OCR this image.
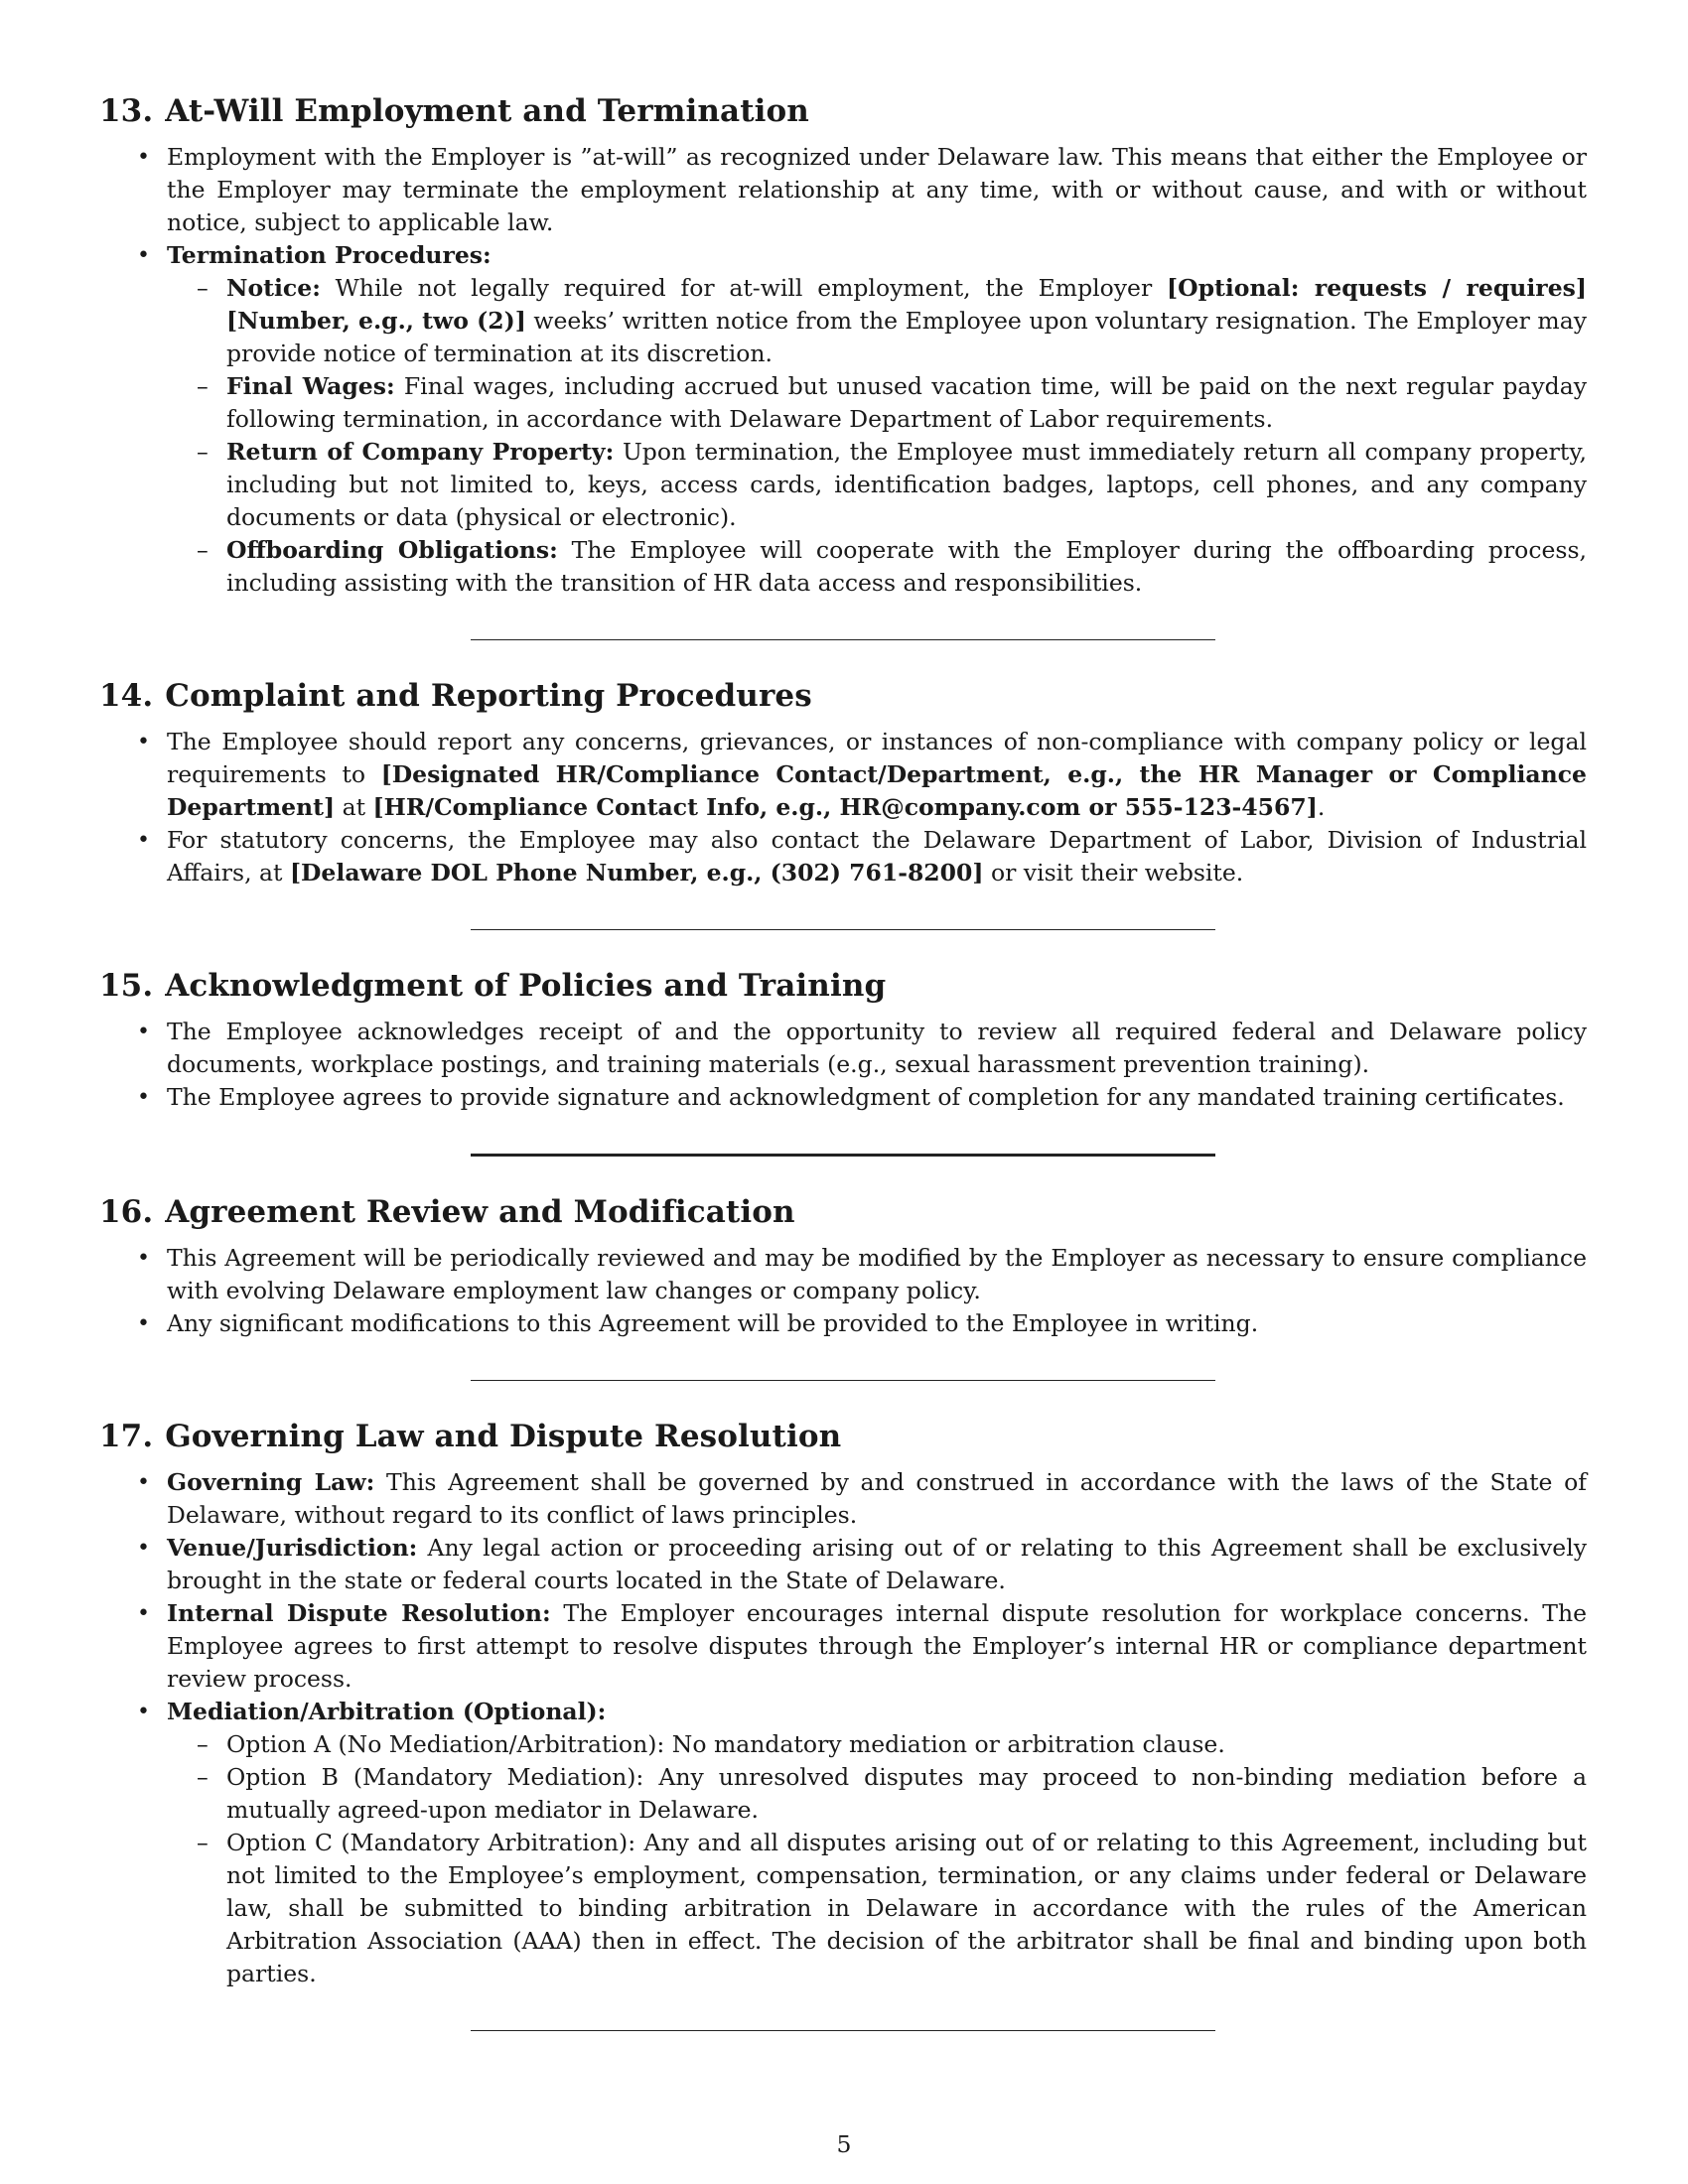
13. At-Will Employment and Termination
• Employment with the Employer is ”at-will” as recognized under Delaware law. This means that either the Employee or the Employer may terminate the employment relationship at any time, with or without cause, and with or without notice, subject to applicable law.
• Termination Procedures:
– Notice: While not legally required for at-will employment, the Employer [Optional: requests / requires] [Number, e.g., two (2)] weeks’ written notice from the Employee upon voluntary resignation. The Employer may provide notice of termination at its discretion.
– Final Wages: Final wages, including accrued but unused vacation time, will be paid on the next regular payday following termination, in accordance with Delaware Department of Labor requirements.
– Return of Company Property: Upon termination, the Employee must immediately return all company property, including but not limited to, keys, access cards, identification badges, laptops, cell phones, and any company documents or data (physical or electronic).
– Offboarding Obligations: The Employee will cooperate with the Employer during the offboarding process, including assisting with the transition of HR data access and responsibilities.
14. Complaint and Reporting Procedures
• The Employee should report any concerns, grievances, or instances of non-compliance with company policy or legal requirements to [Designated HR/Compliance Contact/Department, e.g., the HR Manager or Compliance Department] at [HR/Compliance Contact Info, e.g., HR@company.com or 555-123-4567].
• For statutory concerns, the Employee may also contact the Delaware Department of Labor, Division of Industrial Affairs, at [Delaware DOL Phone Number, e.g., (302) 761-8200] or visit their website.
15. Acknowledgment of Policies and Training
• The Employee acknowledges receipt of and the opportunity to review all required federal and Delaware policy documents, workplace postings, and training materials (e.g., sexual harassment prevention training).
• The Employee agrees to provide signature and acknowledgment of completion for any mandated training certificates.
16. Agreement Review and Modification
• This Agreement will be periodically reviewed and may be modified by the Employer as necessary to ensure compliance with evolving Delaware employment law changes or company policy.
• Any significant modifications to this Agreement will be provided to the Employee in writing.
17. Governing Law and Dispute Resolution
• Governing Law: This Agreement shall be governed by and construed in accordance with the laws of the State of Delaware, without regard to its conflict of laws principles.
• Venue/Jurisdiction: Any legal action or proceeding arising out of or relating to this Agreement shall be exclusively brought in the state or federal courts located in the State of Delaware.
• Internal Dispute Resolution: The Employer encourages internal dispute resolution for workplace concerns. The Employee agrees to first attempt to resolve disputes through the Employer’s internal HR or compliance department review process.
• Mediation/Arbitration (Optional):
– Option A (No Mediation/Arbitration): No mandatory mediation or arbitration clause.
– Option B (Mandatory Mediation): Any unresolved disputes may proceed to non-binding mediation before a mutually agreed-upon mediator in Delaware.
– Option C (Mandatory Arbitration): Any and all disputes arising out of or relating to this Agreement, including but not limited to the Employee’s employment, compensation, termination, or any claims under federal or Delaware law, shall be submitted to binding arbitration in Delaware in accordance with the rules of the American Arbitration Association (AAA) then in effect. The decision of the arbitrator shall be final and binding upon both parties.
5
